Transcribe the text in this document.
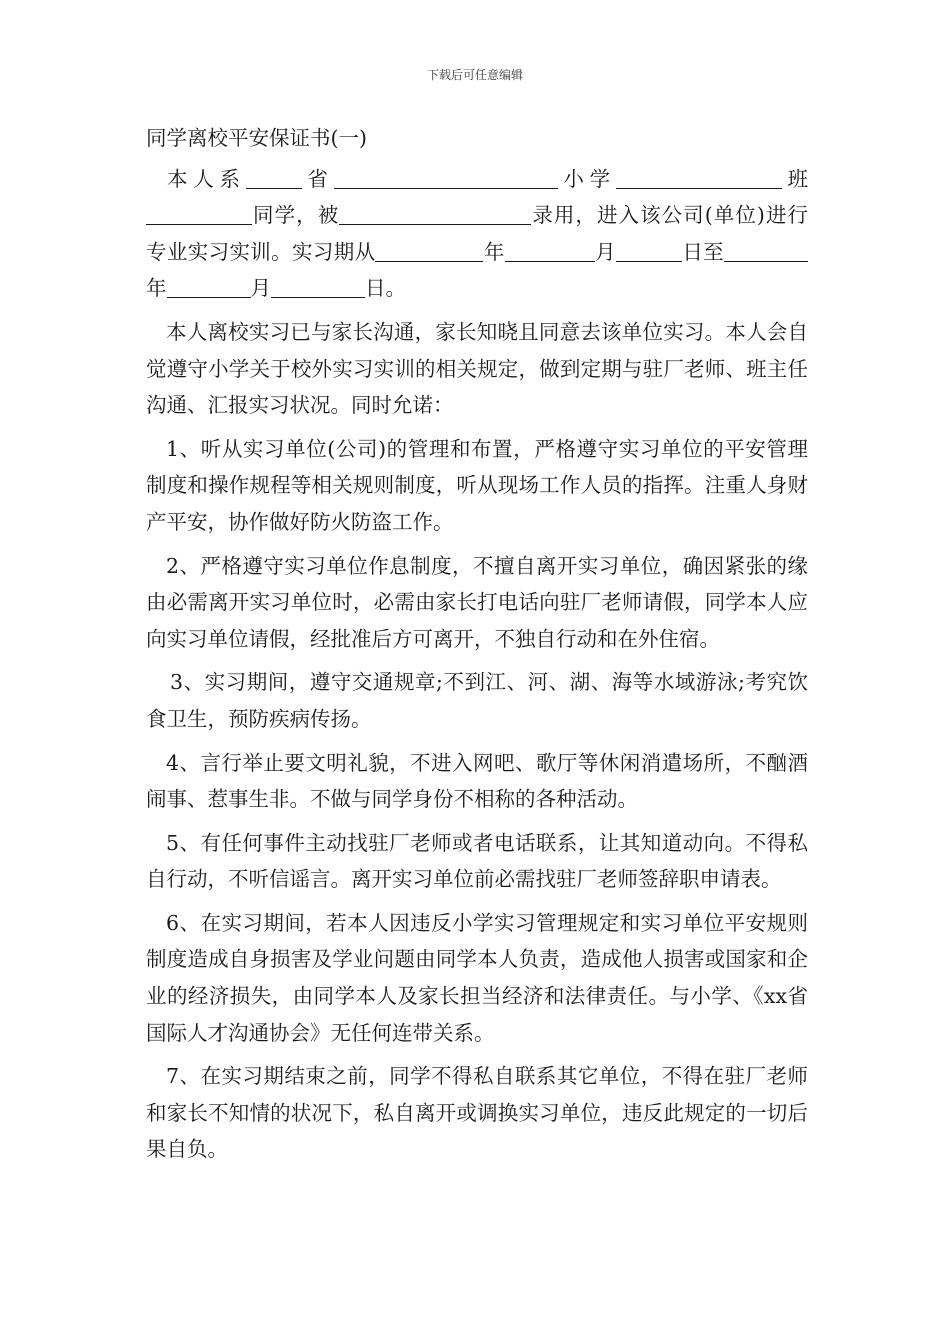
下载后可任意编辑
同学离校平安保证书(一)
本人系	省	小学	班同学，被	录用，进入该公司(单位)进行专业实习实训。实习期从	年	月	日至年	月	日。
本人离校实习已与家长沟通，家长知晓且同意去该单位实习。本人会自觉遵守小学关于校外实习实训的相关规定，做到定期与驻厂老师、班主任沟通、汇报实习状况。同时允诺：
1、听从实习单位(公司)的管理和布置，严格遵守实习单位的平安管理制度和操作规程等相关规则制度，听从现场工作人员的指挥。注重人身财产平安，协作做好防火防盗工作。
2、严格遵守实习单位作息制度，不擅自离开实习单位，确因紧张的缘由必需离开实习单位时，必需由家长打电话向驻厂老师请假，同学本人应向实习单位请假，经批准后方可离开，不独自行动和在外住宿。
3、实习期间，遵守交通规章;不到江、河、湖、海等水域游泳;考究饮食卫生，预防疾病传扬。
4、言行举止要文明礼貌，不进入网吧、歌厅等休闲消遣场所，不酗酒闹事、惹事生非。不做与同学身份不相称的各种活动。
5、有任何事件主动找驻厂老师或者电话联系，让其知道动向。不得私自行动，不听信谣言。离开实习单位前必需找驻厂老师签辞职申请表。
6、在实习期间，若本人因违反小学实习管理规定和实习单位平安规则制度造成自身损害及学业问题由同学本人负责，造成他人损害或国家和企业的经济损失，由同学本人及家长担当经济和法律责任。与小学、《xx省国际人才沟通协会》无任何连带关系。
7、在实习期结束之前，同学不得私自联系其它单位，不得在驻厂老师和家长不知情的状况下，私自离开或调换实习单位，违反此规定的一切后果自负。
